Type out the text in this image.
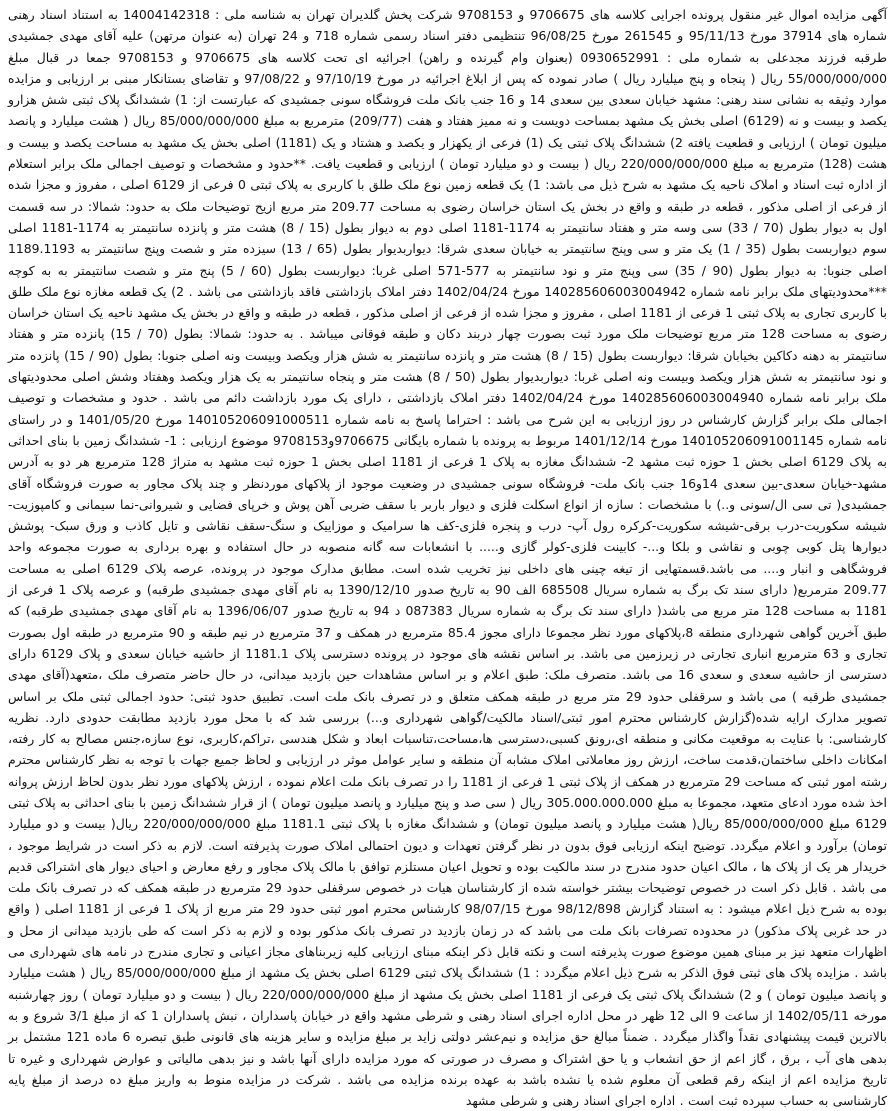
آگهی مزایده اموال غیر منقول پرونده اجرایی کلاسه های 9706675 و 9708153 شرکت پخش گلدیران تهران به شناسه ملی : 14004142318 به استناد اسناد رهنی شماره های 37914 مورخ 95/11/13 و 261545 مورخ 96/08/25 تنتظیمی دفتر اسناد رسمی شماره 718 و 24 تهران (به عنوان مرتهن) علیه آقای مهدی جمشیدی طرقبه فرزند مجدعلی به شماره ملی : 0930652991 (بعنوان وام گیرنده و راهن) اجرائیه ای تحت کلاسه های 9706675 و 9708153 جمعا در قبال مبلغ 55/000/000/000 ریال ( پنجاه و پنج میلیارد ریال ) صادر نموده که پس از ابلاغ اجرائیه در مورخ 97/10/19 و 97/08/22 و تقاضای بستانکار مبنی بر ارزیابی و مزایده موارد وثیقه به نشانی سند رهنی: مشهد خیابان سعدی بین سعدی 14 و 16 جنب بانک ملت فروشگاه سونی جمشیدی که عبارتست از: 1) ششدانگ پلاک ثبتی شش هزارو یکصد و بیست و نه (6129) اصلی بخش یک مشهد بمساحت دویست و نه ممیز هفتاد و هفت (209/77) مترمربع به مبلغ 85/000/000/000 ریال ( هشت میلیارد و پانصد میلیون تومان ) ارزیابی و قطعیت یافته 2) ششدانگ پلاک ثبتی یک (1) فرعی از یکهزار و یکصد و هشتاد و یک (1181) اصلی بخش یک مشهد به مساحت یکصد و بیست و هشت (128) مترمربع به مبلغ 220/000/000/000 ریال ( بیست و دو میلیارد تومان ) ارزیابی و قطعیت یافت. **حدود و مشخصات و توصیف اجمالی ملک برابر استعلام از اداره ثبت اسناد و املاک ناحیه یک مشهد به شرح ذیل می باشد: 1) یک قطعه زمین نوع ملک طلق با کاربری به پلاک ثبتی 0 فرعی از 6129 اصلی ، مفروز و مجزا شده از فرعی از اصلی مذکور ، قطعه در طبقه و واقع در بخش یک استان خراسان رضوی به مساحت 209.77 متر مربع ازیح توضیحات ملک به حدود: شمالا: در سه قسمت اول به دیوار بطول (70 / 33) سی وسه متر و هفتاد سانتیمتر به 1174-1181 اصلی دوم به دیوار بطول (15 / 8) هشت متر و پانزده سانتیمتر به 1174-1181 اصلی سوم دیواربست بطول (35 / 1) یک متر و سی وپنج سانتیمتر به خیابان سعدی شرقا: دیواربدیوار بطول (65 / 13) سیزده متر و شصت وپنج سانتیمتر به 1189.1193 اصلی جنوبا: به دیوار بطول (90 / 35) سی وپنج متر و نود سانتیمتر به 577-571 اصلی غربا: دیواربست بطول (60 / 5) پنج متر و شصت سانتیمتر به به کوچه ***محدودیتهای ملک برابر نامه شماره 140285606003004942 مورخ 1402/04/24 دفتر املاک بازداشتی فاقد بازداشتی می باشد . 2) یک قطعه مغازه نوع ملک طلق با کاربری تجاری به پلاک ثبتی 1 فرعی از 1181 اصلی ، مفروز و مجزا شده از فرعی از اصلی مذکور ، قطعه در طبقه و واقع در بخش یک مشهد ناحیه یک استان خراسان رضوی به مساحت 128 متر مربع توضیحات ملک مورد ثبت بصورت چهار دربند دکان و طبقه فوقانی میباشد . به حدود: شمالا: بطول (70 / 15) پانزده متر و هفتاد سانتیمتر به دهنه دکاکین بخیابان شرقا: دیواربست بطول (15 / 8) هشت متر و پانزده سانتیمتر به شش هزار ویکصد وبیست ونه اصلی جنوبا: بطول (90 / 15) پانزده متر و نود سانتیمتر به شش هزار ویکصد وبیست ونه اصلی غربا: دیواربدیوار بطول (50 / 8) هشت متر و پنجاه سانتیمتر به یک هزار ویکصد وهفتاد وشش اصلی محدودیتهای ملک برابر نامه شماره 140285606003004940 مورخ 1402/04/24 دفتر املاک بازداشتی ، دارای یک مورد بازداشت دائم می باشد . حدود و مشخصات و توصیف اجمالی ملک برابر گزارش کارشناس در روز ارزیابی به این شرح می باشد : احتراما پاسخ به نامه شماره 140105206091000511 مورخ 1401/05/20 و در راستای نامه شماره 140105206091001145 مورخ 1401/12/14 مربوط به پرونده با شماره بایگانی 9706675و9708153 موضوع ارزیابی : 1- ششدانگ زمین با بنای احداثی به پلاک 6129 اصلی بخش 1 حوزه ثبت مشهد 2- ششدانگ مغازه به پلاک 1 فرعی از 1181 اصلی بخش 1 حوزه ثبت مشهد به متراژ 128 مترمربع هر دو به آدرس مشهد-خیابان سعدی-بین سعدی 14و16 جنب بانک ملت- فروشگاه سونی جمشیدی در وضعیت موجود از پلاکهای موردنظر و چند پلاک مجاور به صورت فروشگاه آقای جمشیدی( تی سی ال/سونی و..) با مشخصات : سازه از انواع اسکلت فلزی و دیوار باربر با سقف ضربی آهن پوش و خرپای فضایی و شیروانی-نما سیمانی و کامپوزیت-شیشه سکوریت-درب برقی-شیشه سکوریت-کرکره رول آپ- درب و پنجره فلزی-کف ها سرامیک و موزاییک و سنگ-سقف نقاشی و تایل کاذب و ورق سبک- پوشش دیوارها پتل کوبی چوبی و نقاشی و بلکا و...- کابینت فلزی-کولر گازی و..... با انشعابات سه گانه منصوبه در حال استفاده و بهره برداری به صورت مجموعه واحد فروشگاهی و انبار و.... می باشد.قسمتهایی از تیغه چینی های داخلی نیز تخریب شده است. مطابق مدارک موجود در پرونده، عرصه پلاک 6129 اصلی به مساحت 209.77 مترمربع( دارای سند تک برگ به شماره سریال 685508 الف 90 به تاریخ صدور 1390/12/10 به نام آقای مهدی جمشیدی طرقبه) و عرصه پلاک 1 فرعی از 1181 به مساحت 128 متر مربع می باشد( دارای سند تک برگ به شماره سریال 087383 د 94 به تاریخ صدور 1396/06/07 به نام آقای مهدی جمشیدی طرقبه) که طبق آخرین گواهی شهرداری منطقه 8،پلاکهای مورد نظر مجموعا دارای مجوز 85.4 مترمربع در همکف و 37 مترمربع در نیم طبقه و 90 مترمربع در طبقه اول بصورت تجاری و 63 مترمربع انباری تجارتی در زیرزمین می باشد. بر اساس نقشه های موجود در پرونده دسترسی پلاک 1181.1 از حاشیه خیابان سعدی و پلاک 6129 دارای دسترسی از حاشیه سعدی و سعدی 16 می باشد. متصرف ملک: طبق اعلام و بر اساس مشاهدات حین بازدید میدانی، در حال حاضر متصرف ملک ،متعهد(آقای مهدی جمشیدی طرقبه ) می باشد و سرقفلی حدود 29 متر مربع در طبقه همکف متعلق و در تصرف بانک ملت است. تطبیق حدود ثبتی: حدود اجمالی ثبتی ملک بر اساس تصویر مدارک ارایه شده(گزارش کارشناس محترم امور ثبتی/اسناد مالکیت/گواهی شهرداری و...) بررسی شد که با محل مورد بازدید مطابقت حدودی دارد. نظریه کارشناسی: با عنایت به موقعیت مکانی و منطقه ای،رونق کسبی،دسترسی ها،مساحت،تناسبات ابعاد و شکل هندسی ،تراکم،کاربری، نوع سازه،جنس مصالح به کار رفته، امکانات داخلی ساختمان،قدمت ساخت، ارزش روز معاملاتی املاک مشابه آن منطقه و سایر عوامل موثر در ارزیابی و لحاظ جمیع جهات با توجه به نظر کارشناس محترم رشته امور ثبتی که مساحت 29 مترمربع در همکف از پلاک ثبتی 1 فرعی از 1181 را در تصرف بانک ملت اعلام نموده ، ارزش پلاکهای مورد نظر بدون لحاظ ارزش پروانه اخذ شده مورد ادعای متعهد، مجموعا به مبلغ 305.000.000.000 ریال ( سی صد و پنج میلیارد و پانصد میلیون تومان ) از قرار ششدانگ زمین با بنای احداثی به پلاک ثبتی 6129 مبلغ 85/000/000/000 ریال( هشت میلیارد و پانصد میلیون تومان) و ششدانگ مغازه با پلاک ثبتی 1181.1 مبلغ 220/000/000/000 ریال( بیست و دو میلیارد تومان) برآورد و اعلام میگردد. توضیح اینکه ارزیابی فوق بدون در نظر گرفتن تعهدات و دیون احتمالی املاک صورت پذیرفته است. لازم به ذکر است در شرایط موجود ، خریدار هر یک از پلاک ها ، مالک اعیان حدود مندرج در سند مالکیت بوده و تحویل اعیان مستلزم توافق با مالک پلاک مجاور و رفع معارض و احیای دیوار های اشتراکی قدیم می باشد . قابل ذکر است در خصوص توضیحات بیشتر خواسته شده از کارشناسان هیات در خصوص سرقفلی حدود 29 مترمربع در طبقه همکف که در تصرف بانک ملت بوده به شرح ذیل اعلام میشود : به استناد گزارش 98/12/898 مورخ 98/07/15 کارشناس محترم امور ثبتی حدود 29 متر مربع از پلاک 1 فرعی از 1181 اصلی ( واقع در حد غربی پلاک مذکور) در محدوده تصرفات بانک ملت می باشد که در زمان بازدید در تصرف بانک مذکور بوده و لازم به ذکر است که طی بازدید میدانی از محل و اظهارات متعهد نیز بر مبنای همین موضوع صورت پذیرفته است و نکته قابل ذکر اینکه مبنای ارزیابی کلیه زیربناهای مجاز اعیانی و تجاری مندرج در نامه های شهرداری می باشد . مزایده پلاک های ثبتی فوق الذکر به شرح ذیل اعلام میگردد : 1) ششدانگ پلاک ثبتی 6129 اصلی بخش یک مشهد از مبلغ 85/000/000/000 ریال ( هشت میلیارد و پانصد میلیون تومان ) و 2) ششدانگ پلاک ثبتی یک فرعی از 1181 اصلی بخش یک مشهد از مبلغ 220/000/000/000 ریال ( بیست و دو میلیارد تومان ) روز چهارشنبه مورخه 1402/05/11 از ساعت 9 الی 12 ظهر در محل اداره اجرای اسناد رهنی و شرطی مشهد واقع در خیابان پاسداران ، نبش پاسداران 1 که از مبلغ 3/1 شروع و به بالاترین قیمت پیشنهادی نقداً واگذار میگردد . ضمناً مبالغ حق مزایده و نیم‌عشر دولتی زاید بر مبلغ مزایده و سایر هزینه های قانونی طبق تبصره 6 ماده 121 مشتمل بر بدهی های آب ، برق ، گاز اعم از حق انشعاب و یا حق اشتراک و مصرف در صورتی که مورد مزایده دارای آنها باشد و نیز بدهی مالیاتی و عوارض شهرداری و غیره تا تاریخ مزایده اعم از اینکه رقم قطعی آن معلوم شده یا نشده باشد به عهده برنده مزایده می باشد . شرکت در مزایده منوط به واریز مبلغ ده درصد از مبلغ پایه کارشناسی به حساب سپرده ثبت است . اداره اجرای اسناد رهنی و شرطی مشهد
